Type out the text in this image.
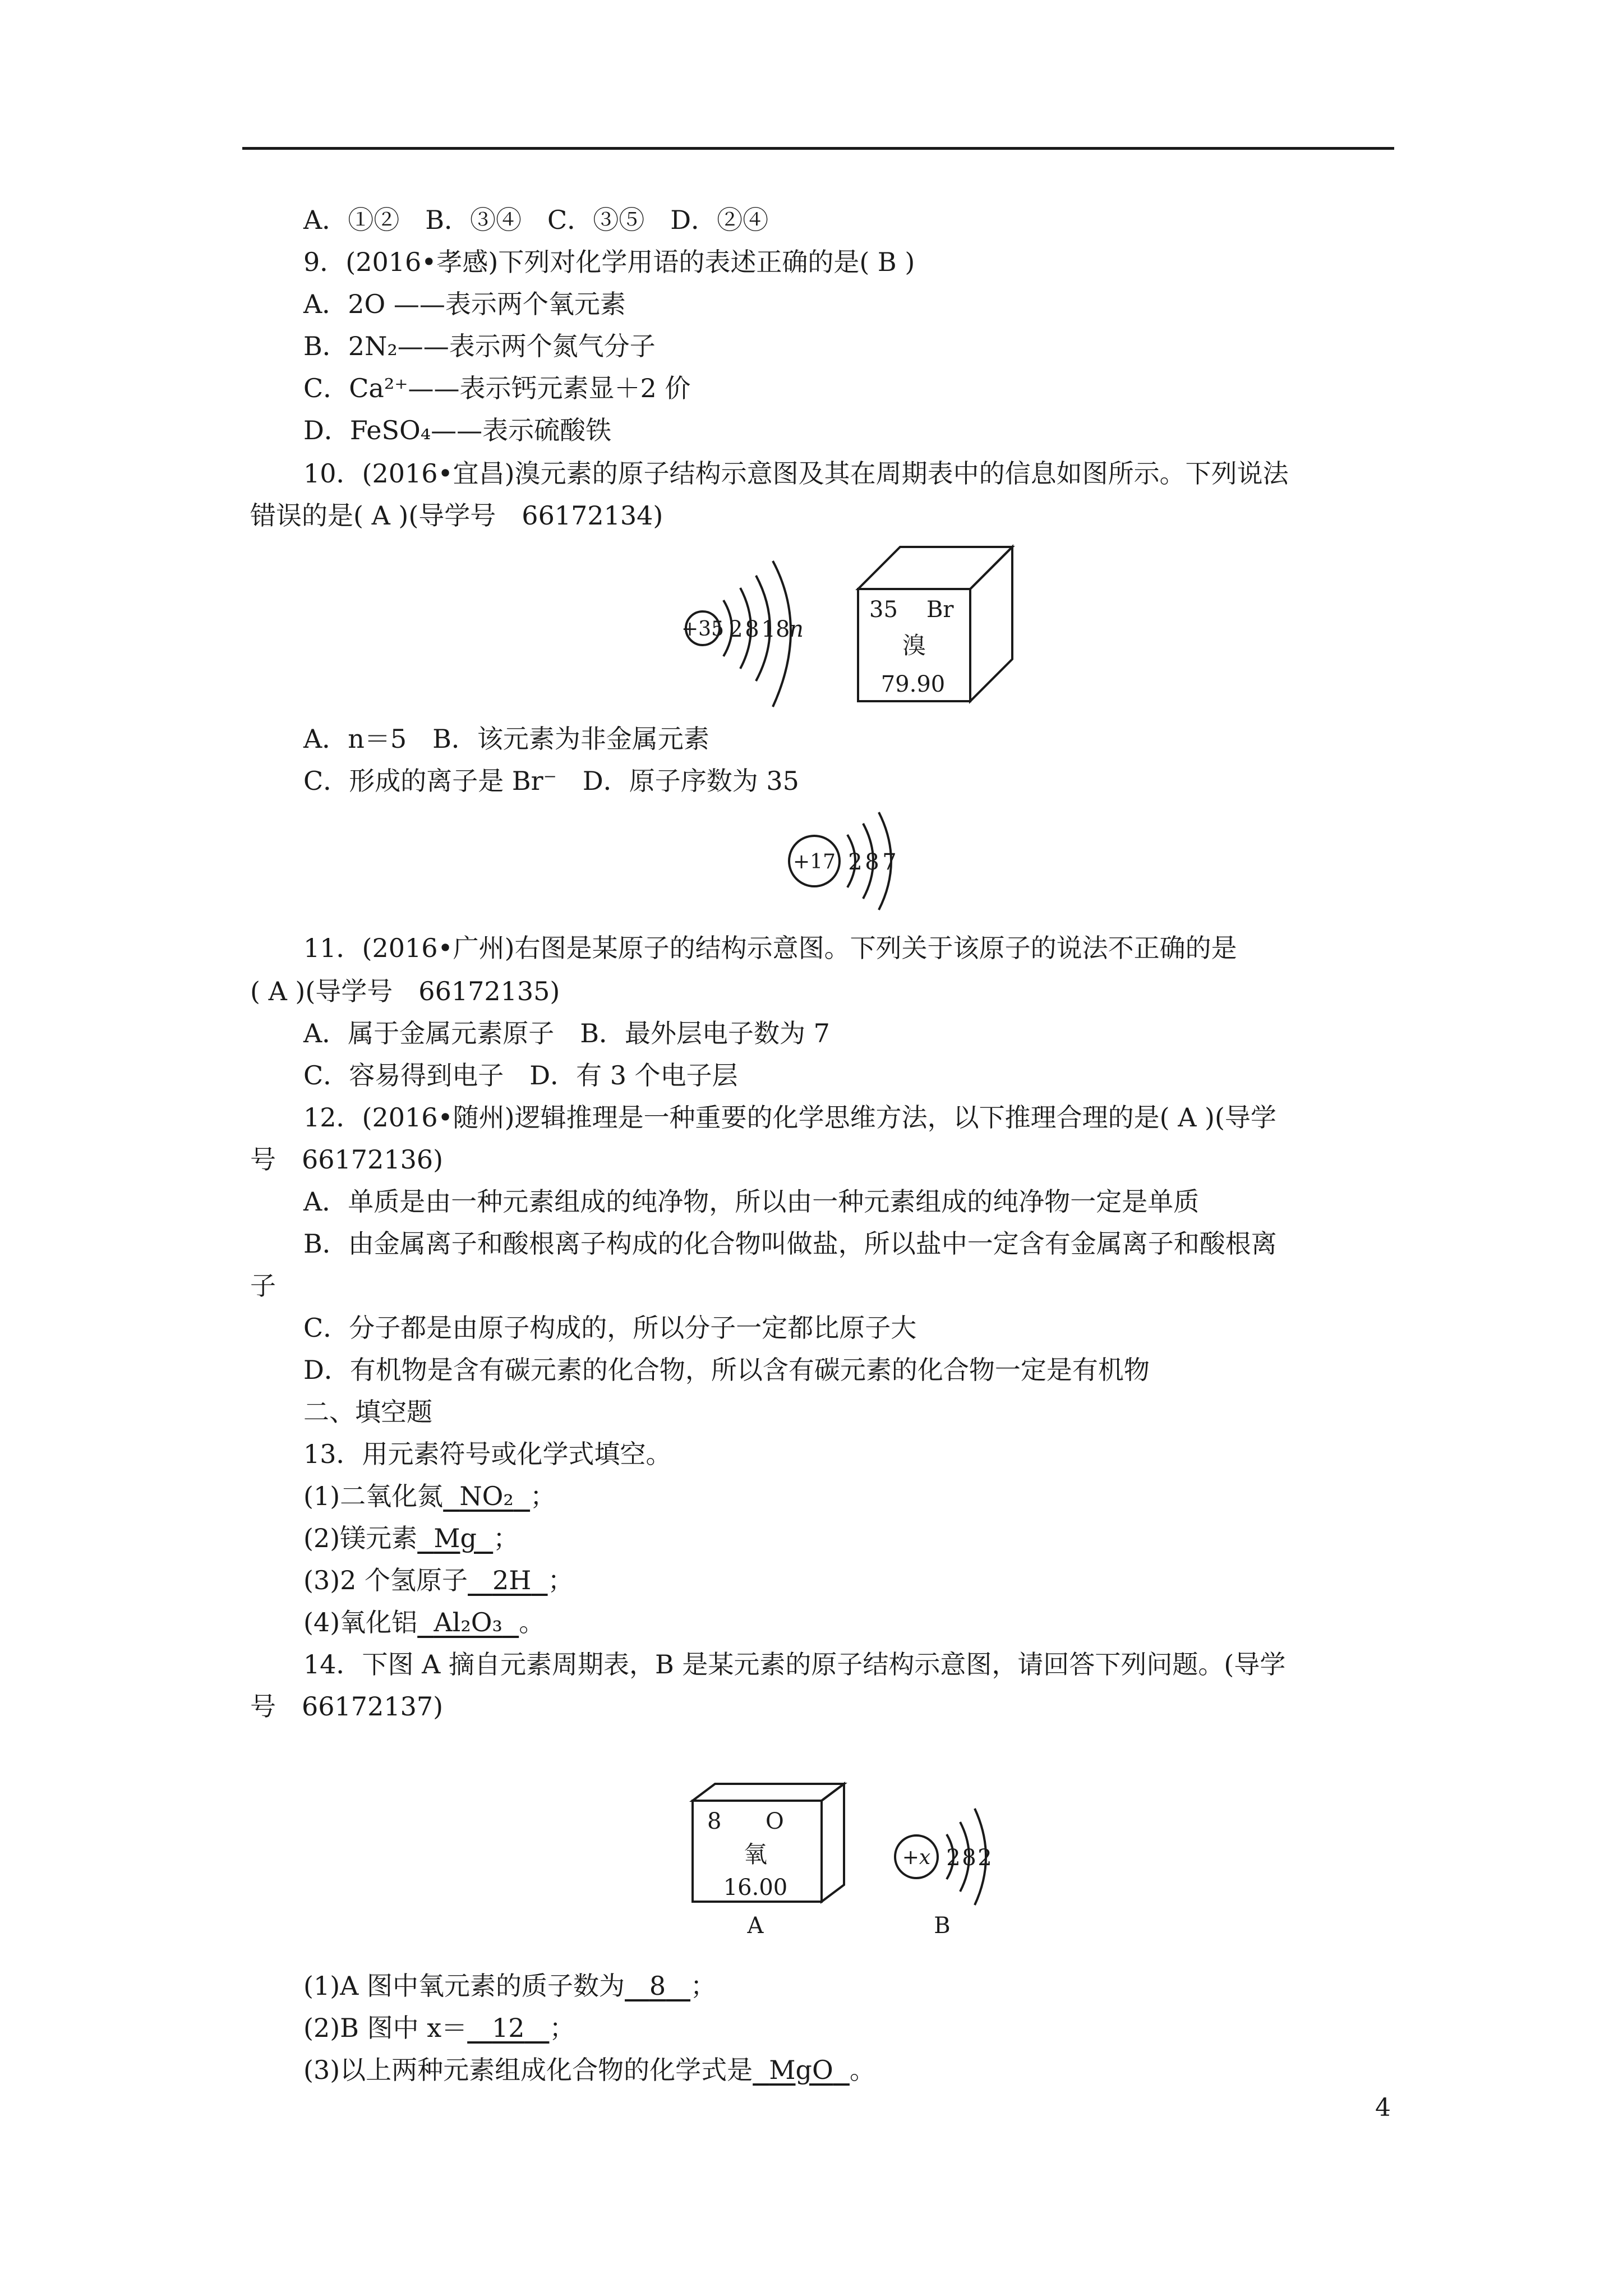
A．①②　B．③④　C．③⑤　D．②④
9．(2016•孝感)下列对化学用语的表述正确的是( B )
A．2O ——表示两个氧元素
B．2N₂——表示两个氮气分子
C．Ca²⁺——表示钙元素显＋2 价
D．FeSO₄——表示硫酸铁
10．(2016•宜昌)溴元素的原子结构示意图及其在周期表中的信息如图所示。下列说法
错误的是( A )(导学号　66172134)
+35 2 8 18
n
35 Br
溴
79.90
A．n＝5　B．该元素为非金属元素
C．形成的离子是 Br⁻　D．原子序数为 35
+17 2 8 7
11．(2016•广州)右图是某原子的结构示意图。下列关于该原子的说法不正确的是
( A )(导学号　66172135)
A．属于金属元素原子　B．最外层电子数为 7
C．容易得到电子　D．有 3 个电子层
12．(2016•随州)逻辑推理是一种重要的化学思维方法，以下推理合理的是( A )(导学
号　66172136)
A．单质是由一种元素组成的纯净物，所以由一种元素组成的纯净物一定是单质
B．由金属离子和酸根离子构成的化合物叫做盐，所以盐中一定含有金属离子和酸根离
子
C．分子都是由原子构成的，所以分子一定都比原子大
D．有机物是含有碳元素的化合物，所以含有碳元素的化合物一定是有机物
二、填空题
13．用元素符号或化学式填空。
(1)二氧化氮 NO₂ ；
(2)镁元素 Mg ；
(3)2 个氢原子 2H ；
(4)氧化铝 Al₂O₃ 。
14．下图 A 摘自元素周期表，B 是某元素的原子结构示意图，请回答下列问题。(导学
号　66172137)
8 O
氧
16.00
A
+x 2 8 2
B
(1)A 图中氧元素的质子数为 8 ；
(2)B 图中 x＝ 12 ；
(3)以上两种元素组成化合物的化学式是 MgO 。
4
